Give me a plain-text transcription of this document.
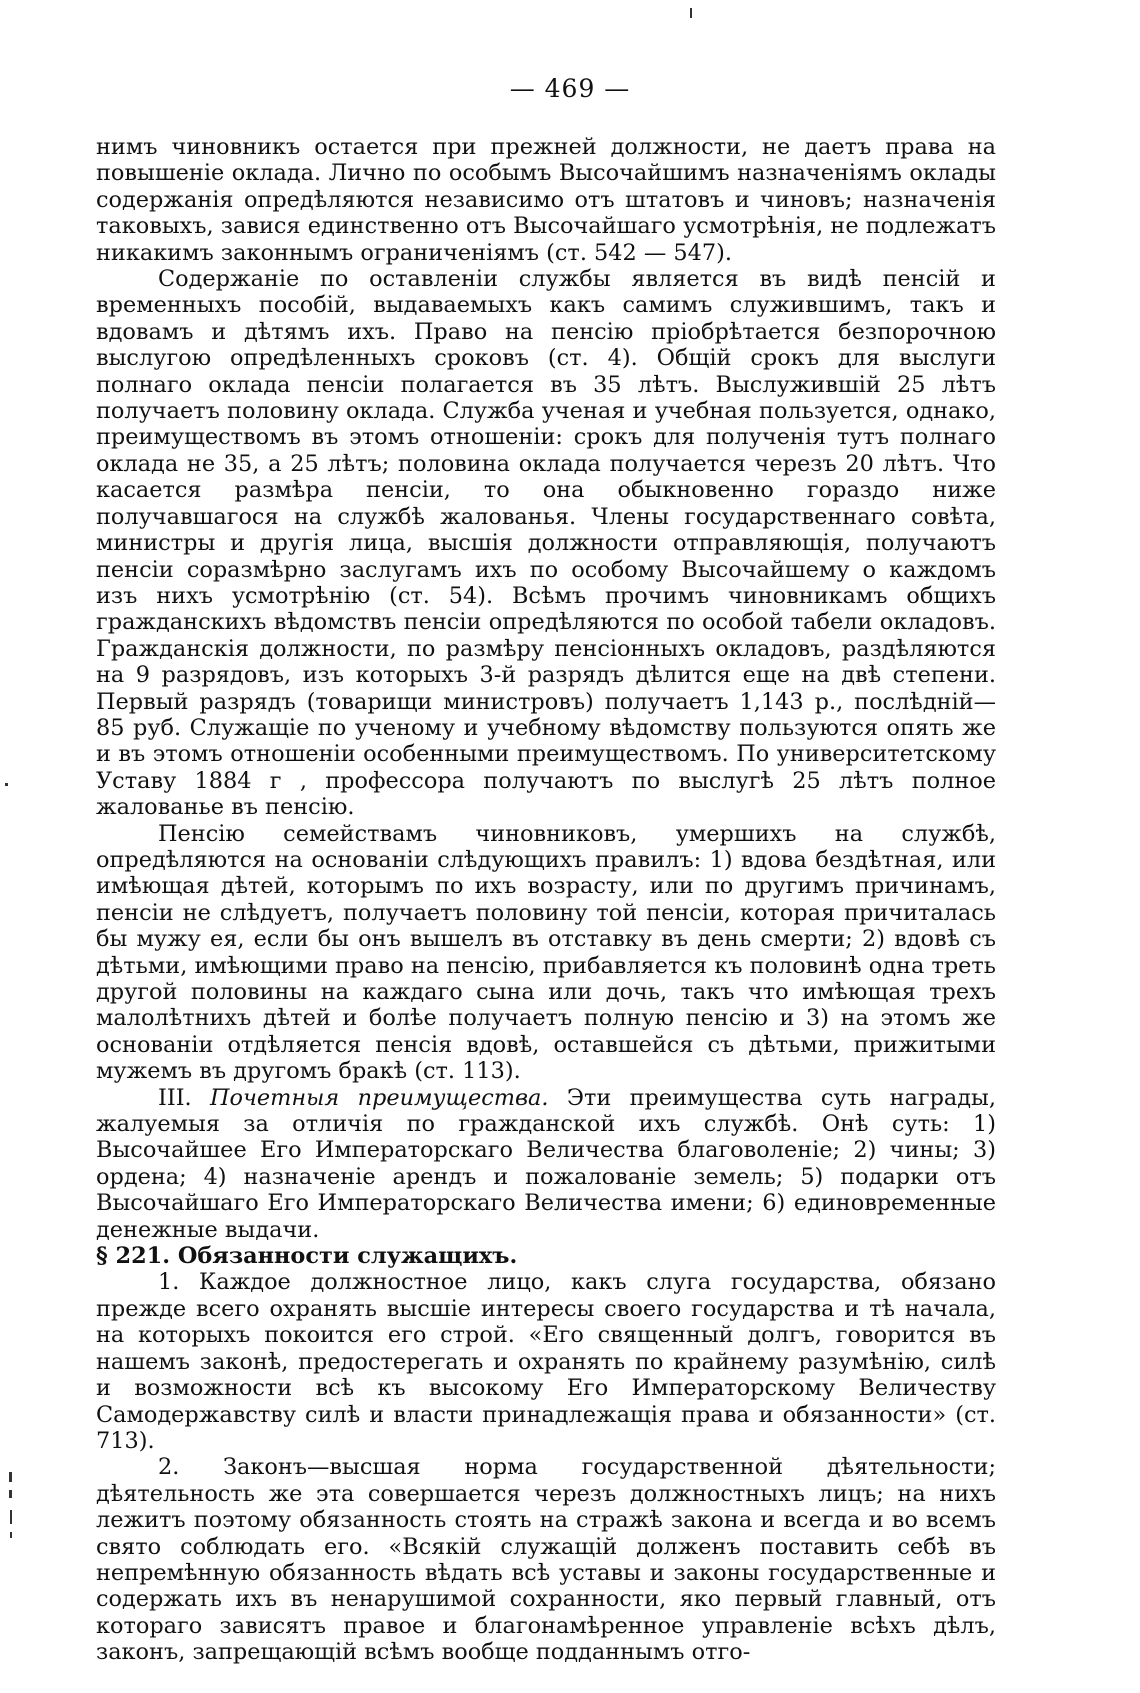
— 469 —

нимъ чиновникъ остается при прежней должности, не даетъ права на повышеніе оклада. Лично по особымъ Высочайшимъ назначеніямъ оклады содержанія опредѣляются независимо отъ штатовъ и чиновъ; назначенія таковыхъ, завися единственно отъ Высочайшаго усмотрѣнія, не подлежатъ никакимъ законнымъ ограниченіямъ (ст. 542 — 547).

Содержаніе по оставленіи службы является въ видѣ пенсій и временныхъ пособій, выдаваемыхъ какъ самимъ служившимъ, такъ и вдовамъ и дѣтямъ ихъ. Право на пенсію пріобрѣтается безпорочною выслугою опредѣленныхъ сроковъ (ст. 4). Общій срокъ для выслуги полнаго оклада пенсіи полагается въ 35 лѣтъ. Выслужившій 25 лѣтъ получаетъ половину оклада. Служба ученая и учебная пользуется, однако, преимуществомъ въ этомъ отношеніи: срокъ для полученія тутъ полнаго оклада не 35, а 25 лѣтъ; половина оклада получается черезъ 20 лѣтъ. Что касается размѣра пенсіи, то она обыкновенно гораздо ниже получавшагося на службѣ жалованья. Члены государственнаго совѣта, министры и другія лица, высшія должности отправляющія, получаютъ пенсіи соразмѣрно заслугамъ ихъ по особому Высочайшему о каждомъ изъ нихъ усмотрѣнію (ст. 54). Всѣмъ прочимъ чиновникамъ общихъ гражданскихъ вѣдомствъ пенсіи опредѣляются по особой табели окладовъ. Гражданскія должности, по размѣру пенсіонныхъ окладовъ, раздѣляются на 9 разрядовъ, изъ которыхъ 3-й разрядъ дѣлится еще на двѣ степени. Первый разрядъ (товарищи министровъ) получаетъ 1,143 р., послѣдній—85 руб. Служащіе по ученому и учебному вѣдомству пользуются опять же и въ этомъ отношеніи особенными преимуществомъ. По университетскому Уставу 1884 г , профессора получаютъ по выслугѣ 25 лѣтъ полное жалованье въ пенсію.

Пенсію семействамъ чиновниковъ, умершихъ на службѣ, опредѣляются на основаніи слѣдующихъ правилъ: 1) вдова бездѣтная, или имѣющая дѣтей, которымъ по ихъ возрасту, или по другимъ причинамъ, пенсіи не слѣдуетъ, получаетъ половину той пенсіи, которая причиталась бы мужу ея, если бы онъ вышелъ въ отставку въ день смерти; 2) вдовѣ съ дѣтьми, имѣющими право на пенсію, прибавляется къ половинѣ одна треть другой половины на каждаго сына или дочь, такъ что имѣющая трехъ малолѣтнихъ дѣтей и болѣе получаетъ полную пенсію и 3) на этомъ же основаніи отдѣляется пенсія вдовѣ, оставшейся съ дѣтьми, прижитыми мужемъ въ другомъ бракѣ (ст. 113).

III. Почетныя преимущества. Эти преимущества суть награды, жалуемыя за отличія по гражданской ихъ службѣ. Онѣ суть: 1) Высочайшее Его Императорскаго Величества благоволеніе; 2) чины; 3) ордена; 4) назначеніе арендъ и пожалованіе земель; 5) подарки отъ Высочайшаго Его Императорскаго Величества имени; 6) единовременные денежные выдачи.

§ 221. Обязанности служащихъ.

1. Каждое должностное лицо, какъ слуга государства, обязано прежде всего охранять высшіе интересы своего государства и тѣ начала, на которыхъ покоится его строй. «Его священный долгъ, говорится въ нашемъ законѣ, предостерегать и охранять по крайнему разумѣнію, силѣ и возможности всѣ къ высокому Его Императорскому Величеству Самодержавству силѣ и власти принадлежащія права и обязанности» (ст. 713).

2. Законъ—высшая норма государственной дѣятельности; дѣятельность же эта совершается черезъ должностныхъ лицъ; на нихъ лежитъ поэтому обязанность стоять на стражѣ закона и всегда и во всемъ свято соблюдать его. «Всякій служащій долженъ поставить себѣ въ непремѣнную обязанность вѣдать всѣ уставы и законы государственные и содержать ихъ въ ненарушимой сохранности, яко первый главный, отъ котораго зависятъ правое и благонамѣренное управленіе всѣхъ дѣлъ, законъ, запрещающій всѣмъ вообще подданнымъ отго-
